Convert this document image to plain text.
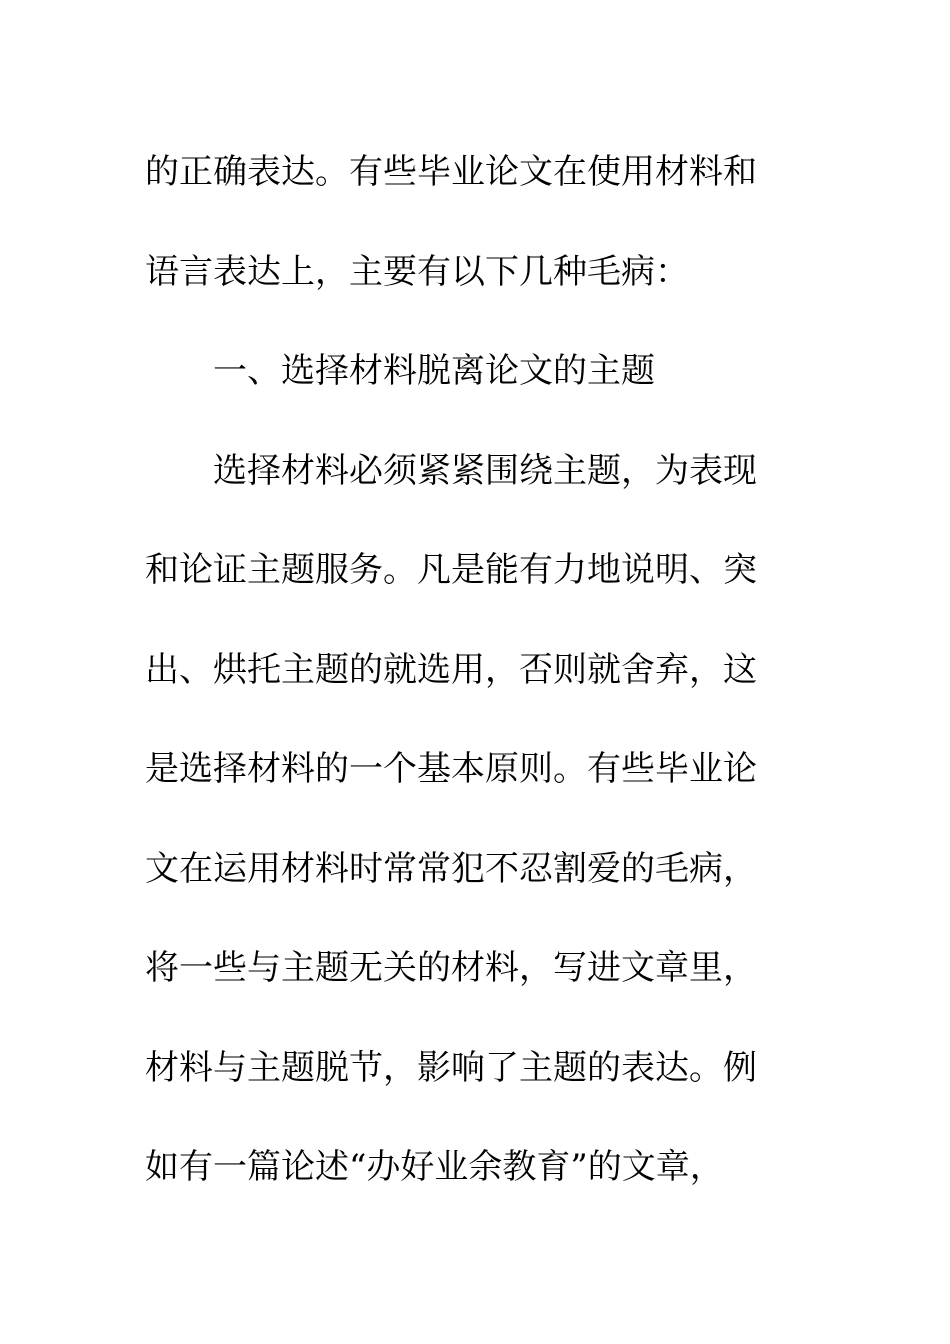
的正确表达。有些毕业论文在使用材料和
语言表达上，主要有以下几种毛病：
一、选择材料脱离论文的主题
选择材料必须紧紧围绕主题，为表现
和论证主题服务。凡是能有力地说明、突
出、烘托主题的就选用，否则就舍弃，这
是选择材料的一个基本原则。有些毕业论
文在运用材料时常常犯不忍割爱的毛病，
将一些与主题无关的材料，写进文章里，
材料与主题脱节，影响了主题的表达。例
如有一篇论述“办好业余教育”的文章，
